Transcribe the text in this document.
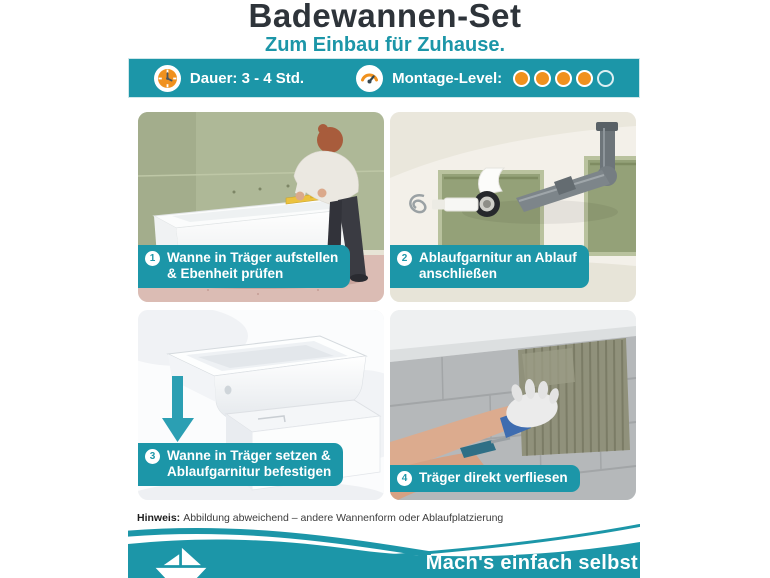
Badewannen-Set
Zum Einbau für Zuhause.
Dauer: 3 - 4 Std.	Montage-Level:
1 Wanne in Träger aufstellen
& Ebenheit prüfen
2 Ablaufgarnitur an Ablauf
anschließen
3 Wanne in Träger setzen &
Ablaufgarnitur befestigen	4 Träger direkt verfliesen
Hinweis: Abbildung abweichend – andere Wannenform oder Ablaufplatzierung
Mach's einfach selbst
